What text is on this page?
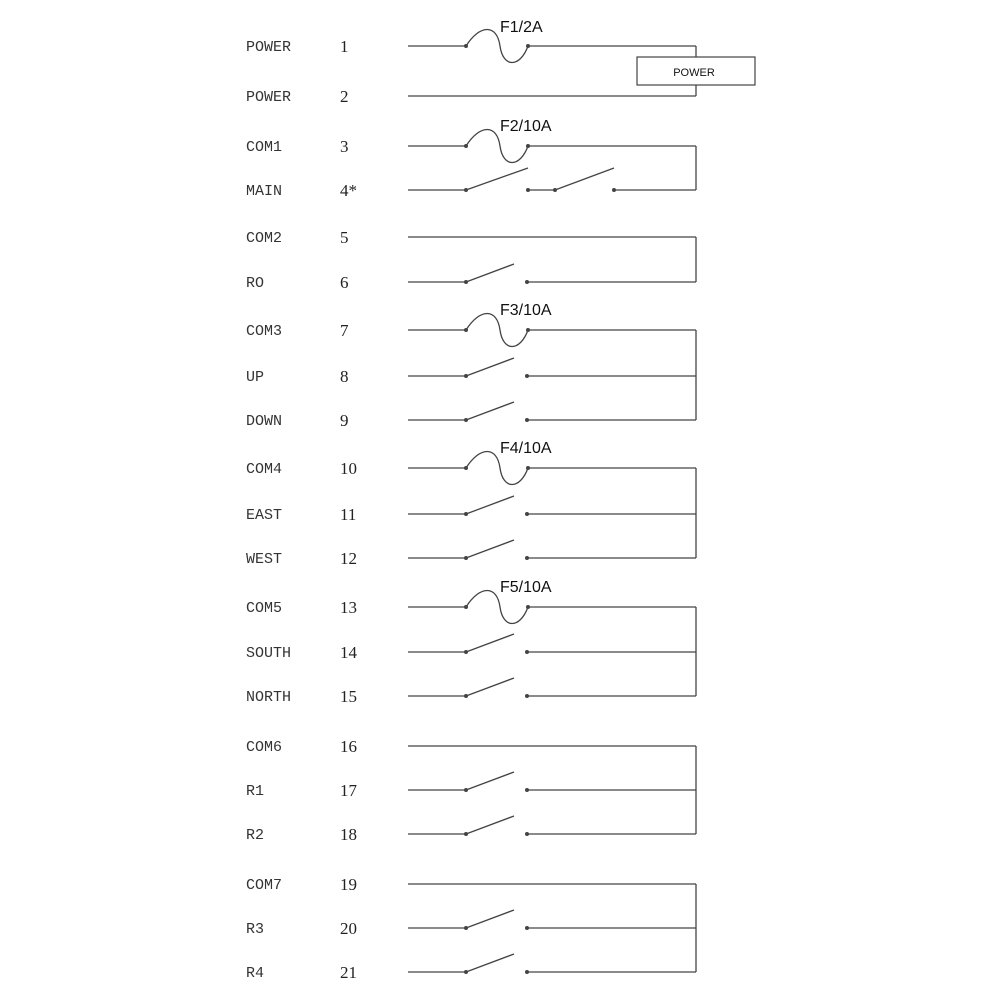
POWER	1
POWER	2
COM1	3
MAIN	4*
COM2	5
RO	6
COM3	7
UP	8
DOWN	9
COM4	10
EAST	11
WEST	12
COM5	13
SOUTH	14
NORTH	15
COM6	16
R1	17
R2	18
COM7	19
R3	20
R4	21
F1/2A
F2/10A
F3/10A
F4/10A
F5/10A
POWER
